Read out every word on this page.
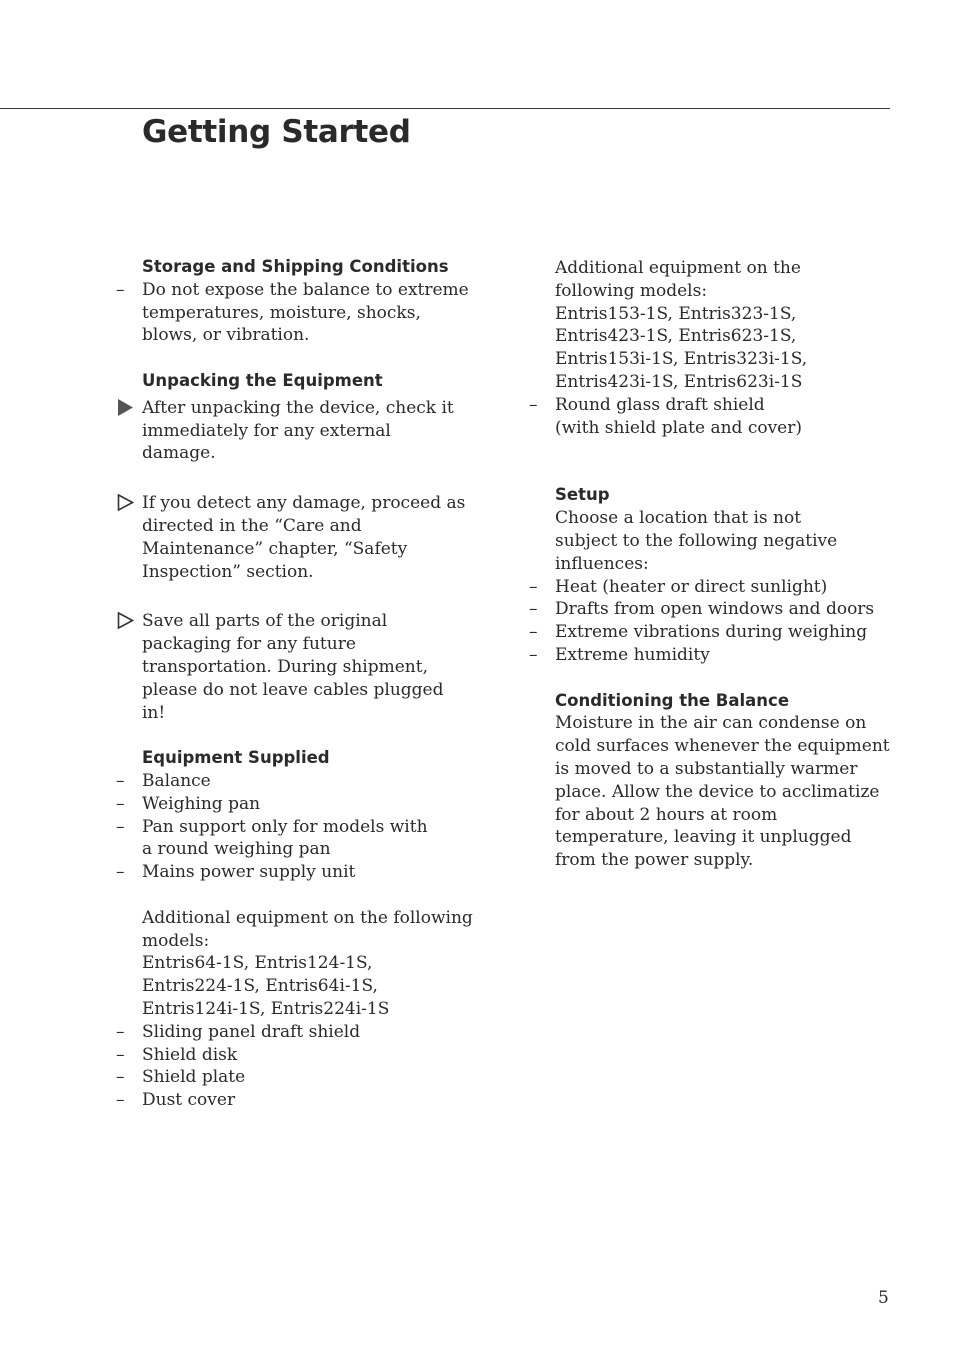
Getting Started

Storage and Shipping Conditions

– Do not expose the balance to extreme temperatures, moisture, shocks, blows, or vibration.

Unpacking the Equipment

After unpacking the device, check it immediately for any external damage.

If you detect any damage, proceed as directed in the “Care and Maintenance” chapter, “Safety Inspection” section.

Save all parts of the original packaging for any future transportation. During shipment, please do not leave cables plugged in!

Equipment Supplied

– Balance

– Weighing pan

– Pan support only for models with a round weighing pan

– Mains power supply unit

Additional equipment on the following models:

Entris64-1S, Entris124-1S,

Entris224-1S, Entris64i-1S,

Entris124i-1S, Entris224i-1S

– Sliding panel draft shield

– Shield disk

– Shield plate

– Dust cover

Additional equipment on the following models:

Entris153-1S, Entris323-1S,

Entris423-1S, Entris623-1S,

Entris153i-1S, Entris323i-1S,

Entris423i-1S, Entris623i-1S

– Round glass draft shield (with shield plate and cover)

Setup

Choose a location that is not subject to the following negative influences:

– Heat (heater or direct sunlight)

– Drafts from open windows and doors

– Extreme vibrations during weighing

– Extreme humidity

Conditioning the Balance

Moisture in the air can condense on cold surfaces whenever the equipment is moved to a substantially warmer place. Allow the device to acclimatize for about 2 hours at room temperature, leaving it unplugged from the power supply.

5
